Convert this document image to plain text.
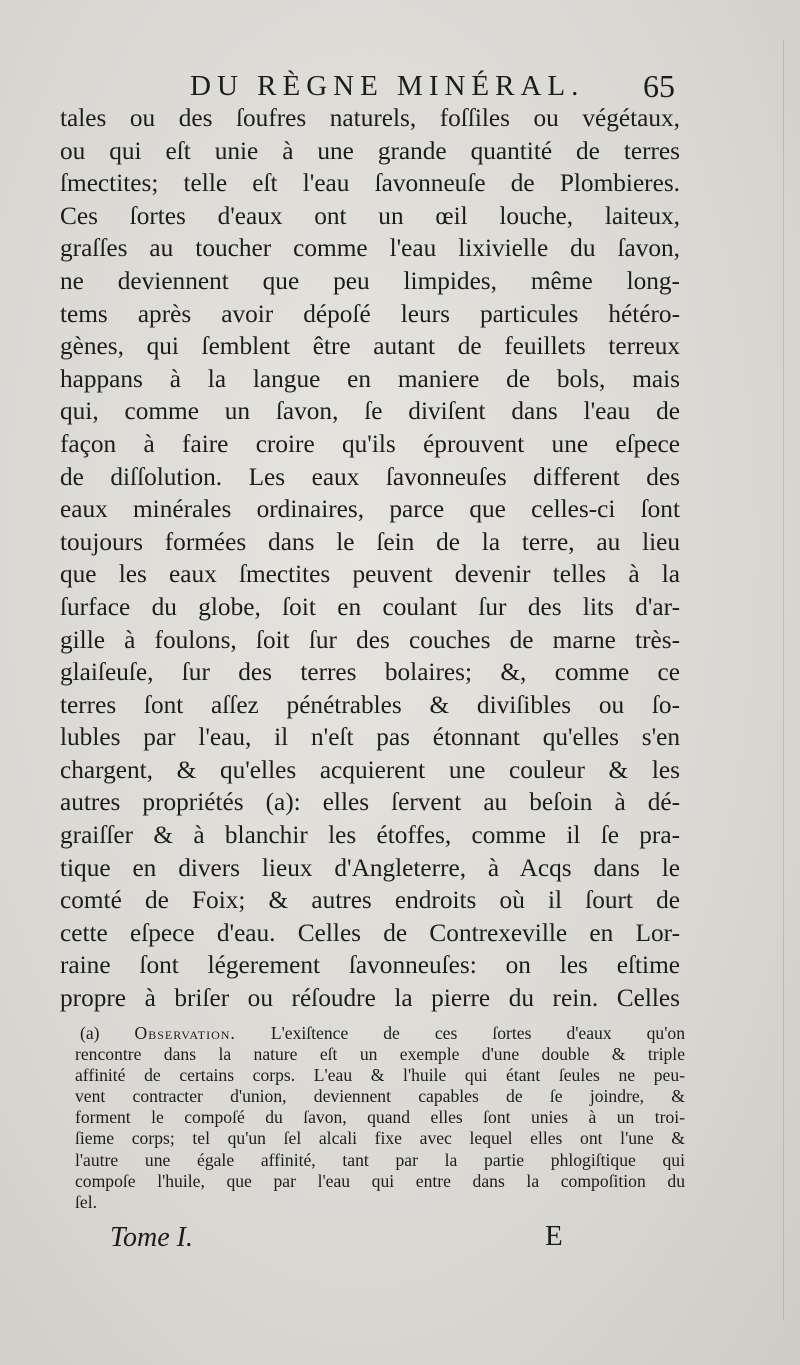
DU RÈGNE MINÉRAL. 65
tales ou des ſoufres naturels, foſſiles ou végétaux,
ou qui eſt unie à une grande quantité de terres
ſmectites; telle eſt l'eau ſavonneuſe de Plombieres.
Ces ſortes d'eaux ont un œil louche, laiteux,
graſſes au toucher comme l'eau lixivielle du ſavon,
ne deviennent que peu limpides, même long-
tems après avoir dépoſé leurs particules hétéro-
gènes, qui ſemblent être autant de feuillets terreux
happans à la langue en maniere de bols, mais
qui, comme un ſavon, ſe diviſent dans l'eau de
façon à faire croire qu'ils éprouvent une eſpece
de diſſolution. Les eaux ſavonneuſes different des
eaux minérales ordinaires, parce que celles-ci ſont
toujours formées dans le ſein de la terre, au lieu
que les eaux ſmectites peuvent devenir telles à la
ſurface du globe, ſoit en coulant ſur des lits d'ar-
gille à foulons, ſoit ſur des couches de marne très-
glaiſeuſe, ſur des terres bolaires; &, comme ce
terres ſont aſſez pénétrables & diviſibles ou ſo-
lubles par l'eau, il n'eſt pas étonnant qu'elles s'en
chargent, & qu'elles acquierent une couleur & les
autres propriétés (a): elles ſervent au beſoin à dé-
graiſſer & à blanchir les étoffes, comme il ſe pra-
tique en divers lieux d'Angleterre, à Acqs dans le
comté de Foix; & autres endroits où il ſourt de
cette eſpece d'eau. Celles de Contrexeville en Lor-
raine ſont légerement ſavonneuſes: on les eſtime
propre à briſer ou réſoudre la pierre du rein. Celles
(a) Observation. L'exiſtence de ces ſortes d'eaux qu'on
rencontre dans la nature eſt un exemple d'une double & triple
affinité de certains corps. L'eau & l'huile qui étant ſeules ne peu-
vent contracter d'union, deviennent capables de ſe joindre, &
forment le compoſé du ſavon, quand elles ſont unies à un troi-
ſieme corps; tel qu'un ſel alcali fixe avec lequel elles ont l'une &
l'autre une égale affinité, tant par la partie phlogiſtique qui
compoſe l'huile, que par l'eau qui entre dans la compoſition du
ſel.
Tome I.	E
